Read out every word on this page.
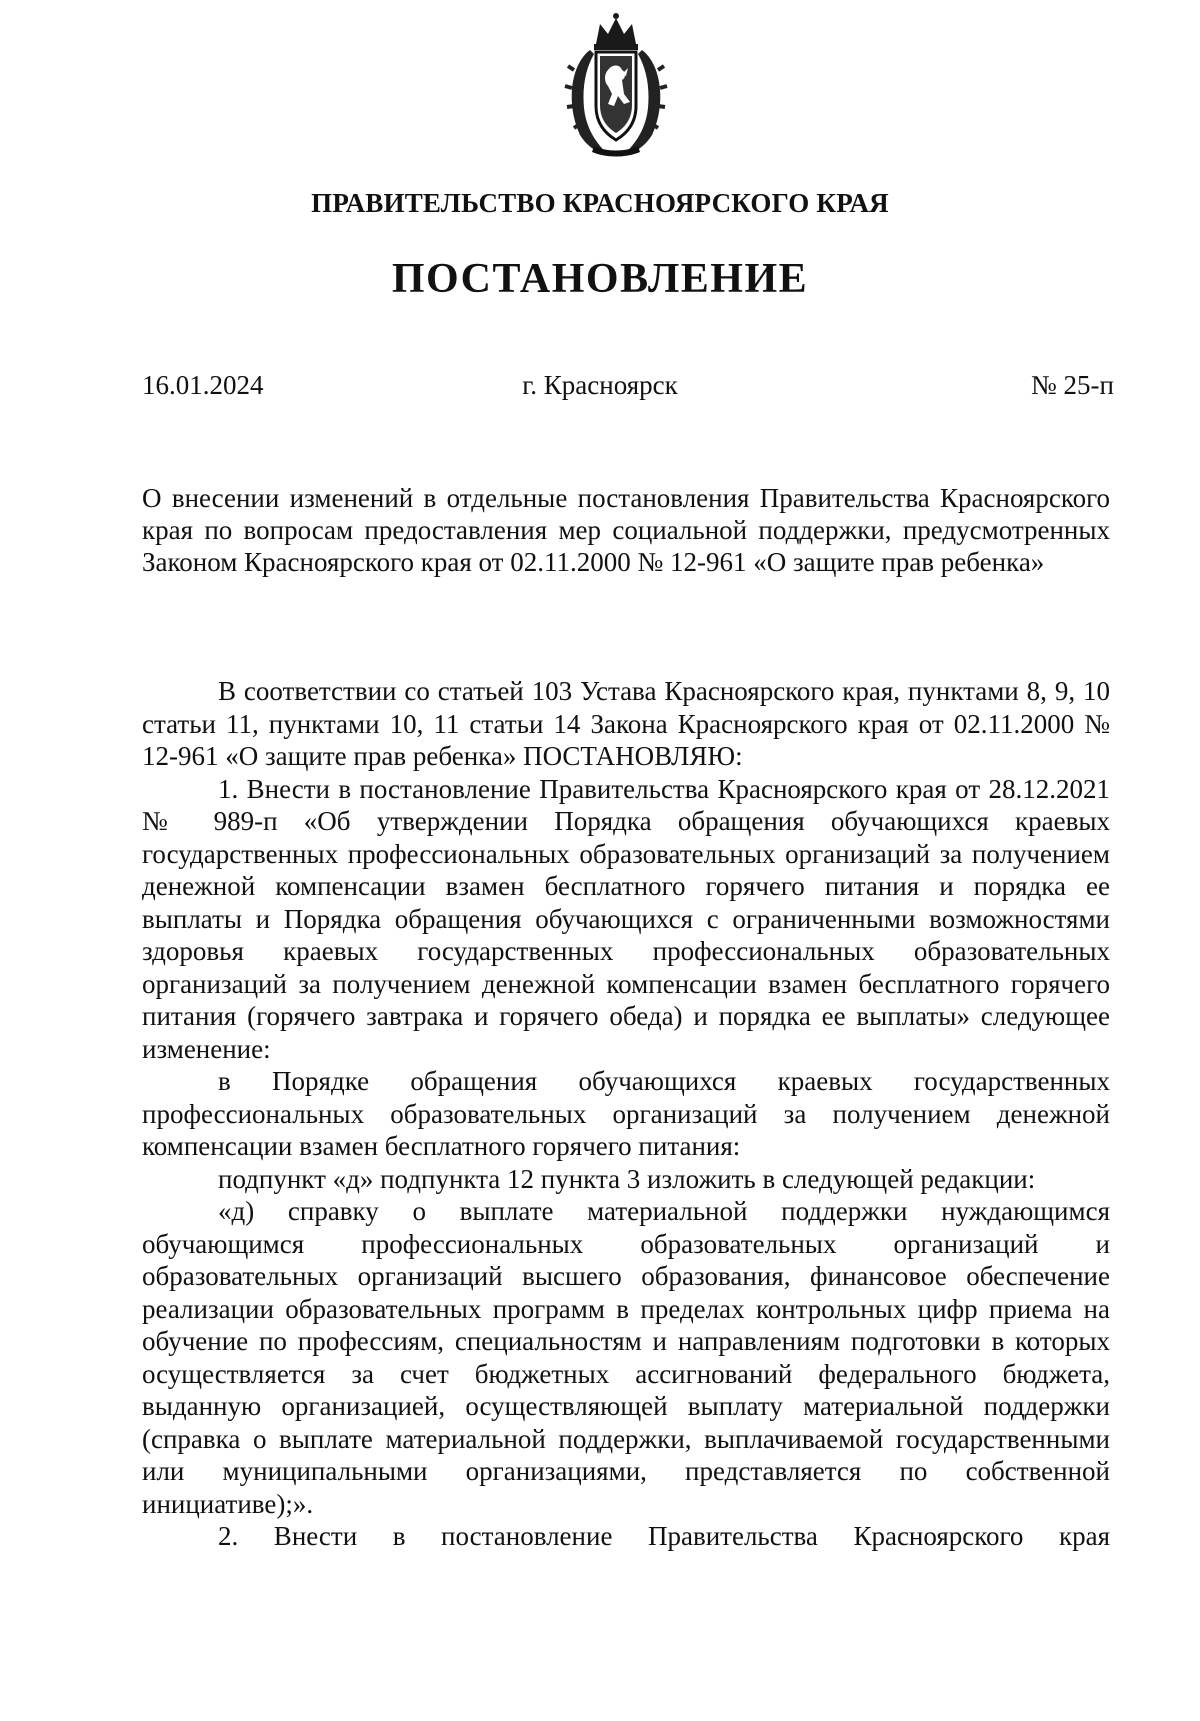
ПРАВИТЕЛЬСТВО КРАСНОЯРСКОГО КРАЯ
ПОСТАНОВЛЕНИЕ
16.01.2024	г. Красноярск	№ 25-п
О внесении изменений в отдельные постановления Правительства Красноярского края по вопросам предоставления мер социальной поддержки, предусмотренных Законом Красноярского края от 02.11.2000 № 12-961 «О защите прав ребенка»

В соответствии со статьей 103 Устава Красноярского края, пунктами 8, 9, 10 статьи 11, пунктами 10, 11 статьи 14 Закона Красноярского края от 02.11.2000 № 12-961 «О защите прав ребенка» ПОСТАНОВЛЯЮ:

1. Внести в постановление Правительства Красноярского края от 28.12.2021 № 989-п «Об утверждении Порядка обращения обучающихся краевых государственных профессиональных образовательных организаций за получением денежной компенсации взамен бесплатного горячего питания и порядка ее выплаты и Порядка обращения обучающихся с ограниченными возможностями здоровья краевых государственных профессиональных образовательных организаций за получением денежной компенсации взамен бесплатного горячего питания (горячего завтрака и горячего обеда) и порядка ее выплаты» следующее изменение:

в Порядке обращения обучающихся краевых государственных профессиональных образовательных организаций за получением денежной компенсации взамен бесплатного горячего питания:

подпункт «д» подпункта 12 пункта 3 изложить в следующей редакции:

«д) справку о выплате материальной поддержки нуждающимся обучающимся профессиональных образовательных организаций и образовательных организаций высшего образования, финансовое обеспечение реализации образовательных программ в пределах контрольных цифр приема на обучение по профессиям, специальностям и направлениям подготовки в которых осуществляется за счет бюджетных ассигнований федерального бюджета, выданную организацией, осуществляющей выплату материальной поддержки (справка о выплате материальной поддержки, выплачиваемой государственными или муниципальными организациями, представляется по собственной инициативе);».

2. Внести в постановление Правительства Красноярского края
